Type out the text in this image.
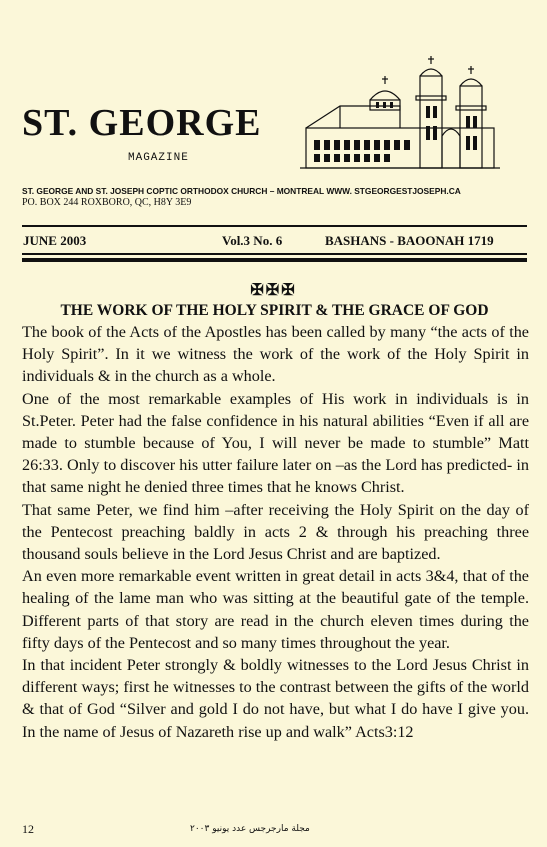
ST. GEORGE
MAGAZINE
ST. GEORGE AND ST. JOSEPH COPTIC ORTHODOX CHURCH – MONTREAL WWW. STGEORGESTJOSEPH.CA
PO. BOX 244 ROXBORO, QC, H8Y 3E9
JUNE 2003	Vol.3 No. 6	BASHANS - BAOONAH 1719
✠✠✠
THE WORK OF THE HOLY SPIRIT & THE GRACE OF GOD

The book of the Acts of the Apostles has been called by many “the acts of the Holy Spirit”. In it we witness the work of the work of the Holy Spirit in individuals & in the church as a whole.

One of the most remarkable examples of His work in individuals is in St.Peter. Peter had the false confidence in his natural abilities “Even if all are made to stumble because of You, I will never be made to stumble” Matt 26:33. Only to discover his utter failure later on –as the Lord has predicted- in that same night he denied three times that he knows Christ.

That same Peter, we find him –after receiving the Holy Spirit on the day of the Pentecost preaching baldly in acts 2 & through his preaching three thousand souls believe in the Lord Jesus Christ and are baptized.

An even more remarkable event written in great detail in acts 3&4, that of the healing of the lame man who was sitting at the beautiful gate of the temple. Different parts of that story are read in the church eleven times during the fifty days of the Pentecost and so many times throughout the year.

In that incident Peter strongly & boldly witnesses to the Lord Jesus Christ in different ways; first he witnesses to the contrast between the gifts of the world & that of God “Silver and gold I do not have, but what I do have I give you. In the name of Jesus of Nazareth rise up and walk” Acts3:12

12	مجلة مارجرجس عدد يونيو ٢٠٠٣
